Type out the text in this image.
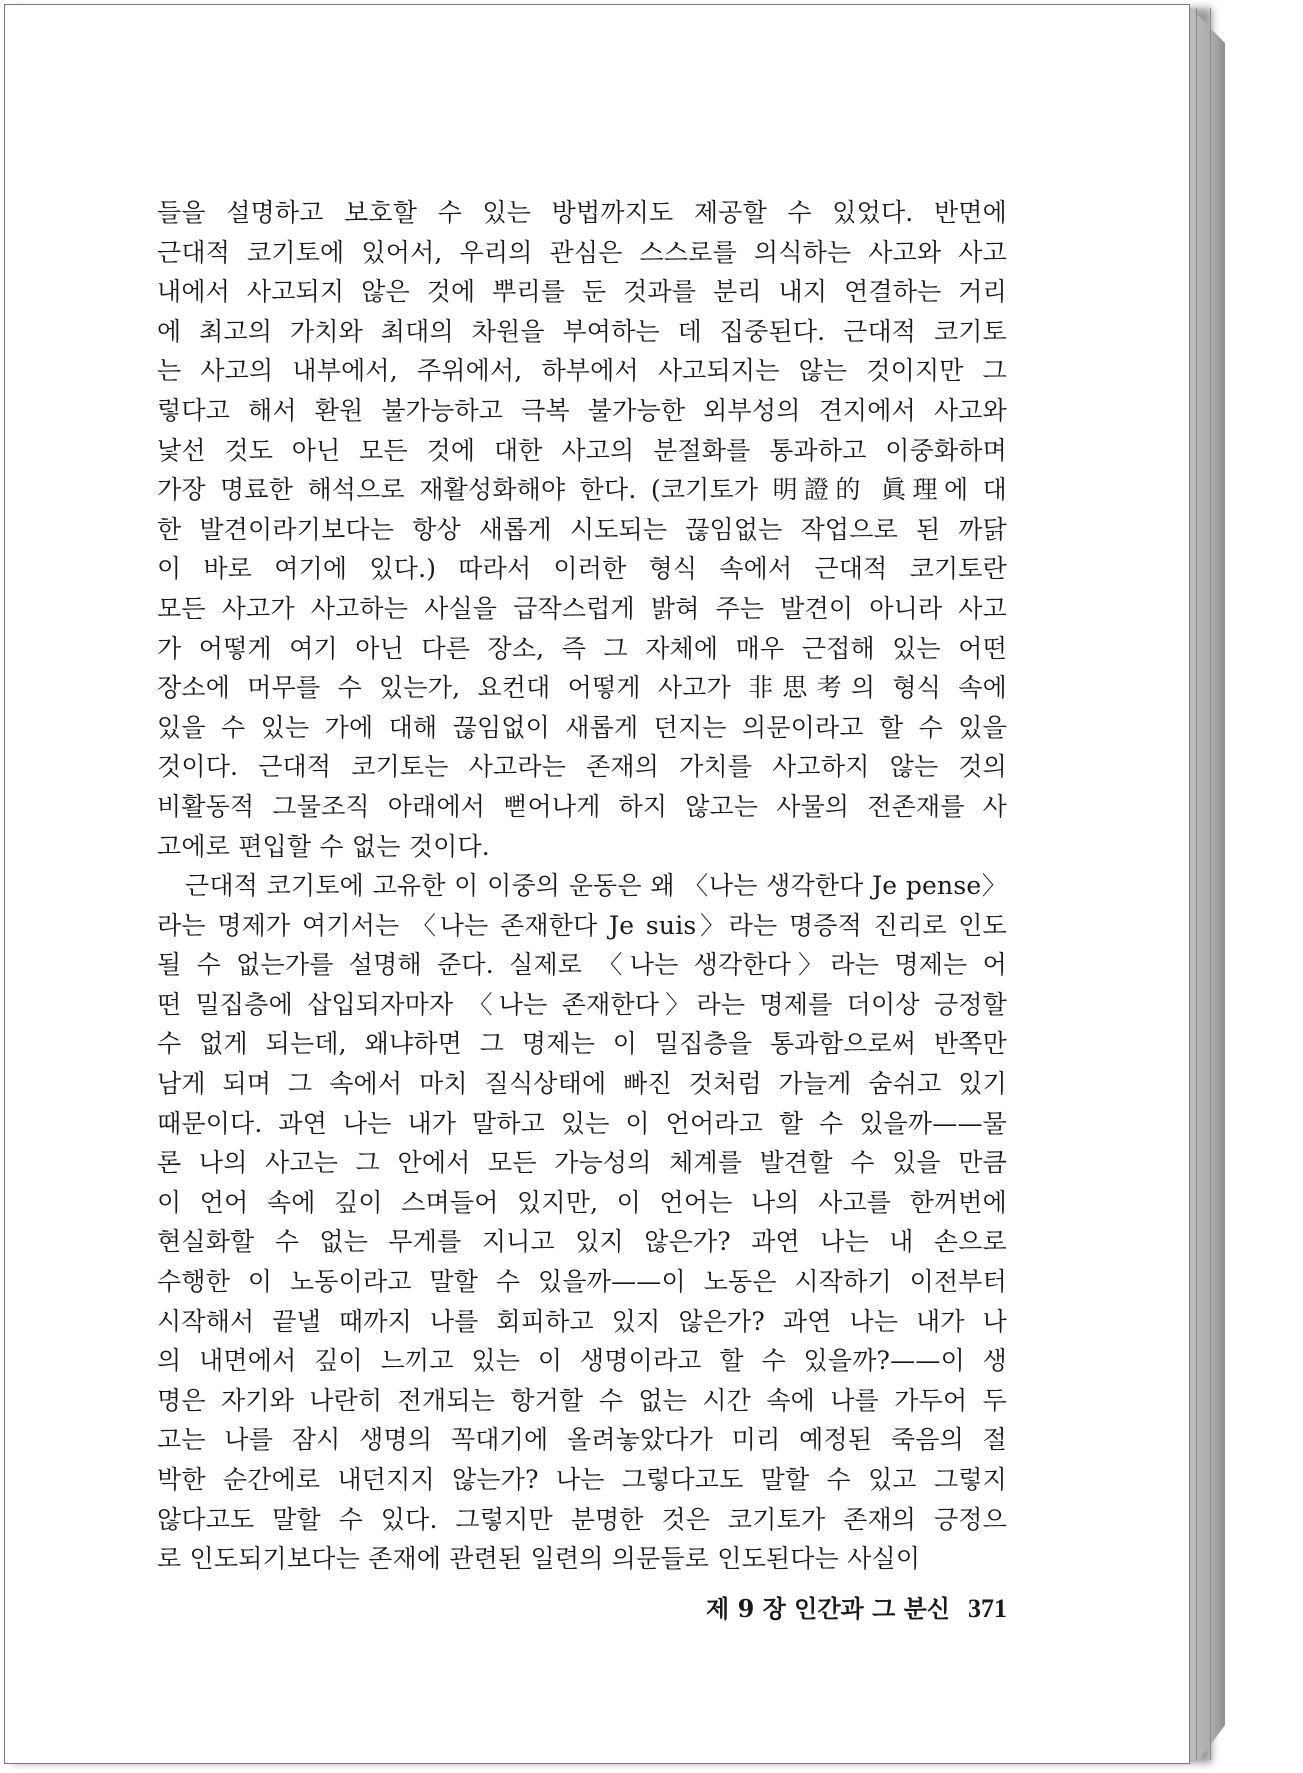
들을 설명하고 보호할 수 있는 방법까지도 제공할 수 있었다. 반면에
근대적 코기토에 있어서, 우리의 관심은 스스로를 의식하는 사고와 사고
내에서 사고되지 않은 것에 뿌리를 둔 것과를 분리 내지 연결하는 거리
에 최고의 가치와 최대의 차원을 부여하는 데 집중된다. 근대적 코기토
는 사고의 내부에서, 주위에서, 하부에서 사고되지는 않는 것이지만 그
렇다고 해서 환원 불가능하고 극복 불가능한 외부성의 견지에서 사고와
낯선 것도 아닌 모든 것에 대한 사고의 분절화를 통과하고 이중화하며
가장 명료한 해석으로 재활성화해야 한다. (코기토가 明證的 眞理에 대
한 발견이라기보다는 항상 새롭게 시도되는 끊임없는 작업으로 된 까닭
이 바로 여기에 있다.) 따라서 이러한 형식 속에서 근대적 코기토란
모든 사고가 사고하는 사실을 급작스럽게 밝혀 주는 발견이 아니라 사고
가 어떻게 여기 아닌 다른 장소, 즉 그 자체에 매우 근접해 있는 어떤
장소에 머무를 수 있는가, 요컨대 어떻게 사고가 非思考의 형식 속에
있을 수 있는 가에 대해 끊임없이 새롭게 던지는 의문이라고 할 수 있을
것이다. 근대적 코기토는 사고라는 존재의 가치를 사고하지 않는 것의
비활동적 그물조직 아래에서 뻗어나게 하지 않고는 사물의 전존재를 사
고에로 편입할 수 없는 것이다.
근대적 코기토에 고유한 이 이중의 운동은 왜 〈나는 생각한다 Je pense〉
라는 명제가 여기서는 〈나는 존재한다 Je suis〉라는 명증적 진리로 인도
될 수 없는가를 설명해 준다. 실제로 〈나는 생각한다〉라는 명제는 어
떤 밀집층에 삽입되자마자 〈나는 존재한다〉라는 명제를 더이상 긍정할
수 없게 되는데, 왜냐하면 그 명제는 이 밀집층을 통과함으로써 반쪽만
남게 되며 그 속에서 마치 질식상태에 빠진 것처럼 가늘게 숨쉬고 있기
때문이다. 과연 나는 내가 말하고 있는 이 언어라고 할 수 있을까——물
론 나의 사고는 그 안에서 모든 가능성의 체계를 발견할 수 있을 만큼
이 언어 속에 깊이 스며들어 있지만, 이 언어는 나의 사고를 한꺼번에
현실화할 수 없는 무게를 지니고 있지 않은가? 과연 나는 내 손으로
수행한 이 노동이라고 말할 수 있을까——이 노동은 시작하기 이전부터
시작해서 끝낼 때까지 나를 회피하고 있지 않은가? 과연 나는 내가 나
의 내면에서 깊이 느끼고 있는 이 생명이라고 할 수 있을까?——이 생
명은 자기와 나란히 전개되는 항거할 수 없는 시간 속에 나를 가두어 두
고는 나를 잠시 생명의 꼭대기에 올려놓았다가 미리 예정된 죽음의 절
박한 순간에로 내던지지 않는가? 나는 그렇다고도 말할 수 있고 그렇지
않다고도 말할 수 있다. 그렇지만 분명한 것은 코기토가 존재의 긍정으
로 인도되기보다는 존재에 관련된 일련의 의문들로 인도된다는 사실이
제 9 장 인간과 그 분신 371
